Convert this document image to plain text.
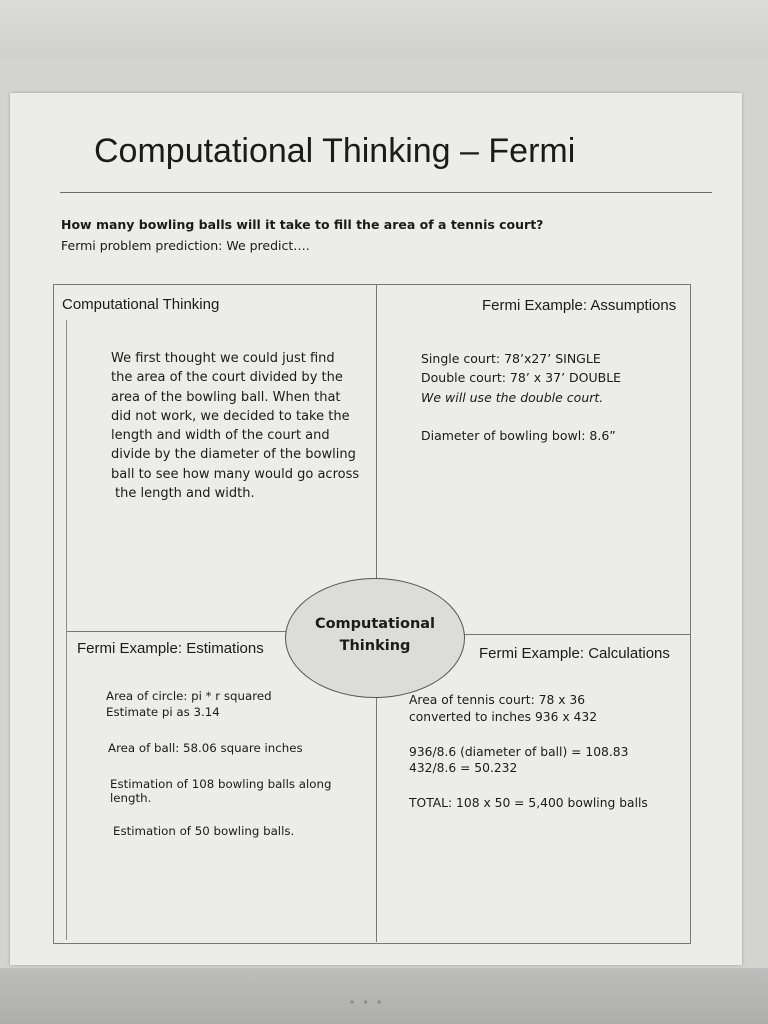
Computational Thinking – Fermi
How many bowling balls will it take to fill the area of a tennis court?
Fermi problem prediction: We predict….
Computational Thinking
We first thought we could just find
the area of the court divided by the
area of the bowling ball. When that
did not work, we decided to take the
length and width of the court and
divide by the diameter of the bowling
ball to see how many would go across
the length and width.
Fermi Example: Assumptions
Single court: 78’x27’ SINGLE
Double court: 78’ x 37’ DOUBLE
We will use the double court.
Diameter of bowling bowl: 8.6”
Fermi Example: Estimations
Area of circle: pi * r squared
Estimate pi as 3.14
Area of ball: 58.06 square inches
Estimation of 108 bowling balls along
length.
Estimation of 50 bowling balls.
Fermi Example: Calculations
Area of tennis court: 78 x 36
converted to inches 936 x 432
936/8.6 (diameter of ball) = 108.83
432/8.6 = 50.232
TOTAL: 108 x 50 = 5,400 bowling balls
Computational
Thinking
• • •
